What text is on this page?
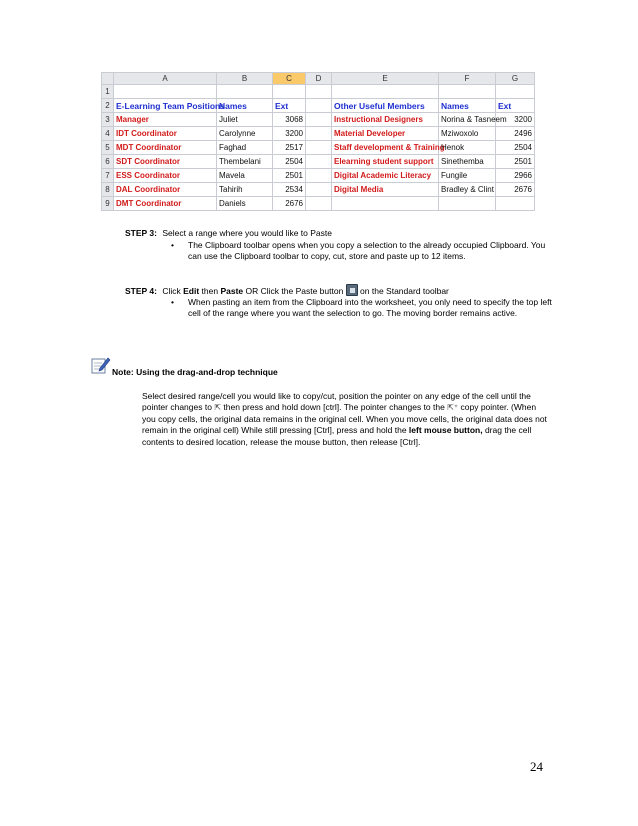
	A	B	C	D	E	F	G
1							
2	E-Learning Team Positions	Names	Ext		Other Useful Members	Names	Ext
3	Manager	Juliet	3068		Instructional Designers	Norina & Tasneem	3200
4	IDT Coordinator	Carolynne	3200		Material Developer	Mziwoxolo	2496
5	MDT Coordinator	Faghad	2517		Staff development & Training	Henok	2504
6	SDT Coordinator	Thembelani	2504		Elearning student support	Sinethemba	2501
7	ESS Coordinator	Mavela	2501		Digital Academic Literacy	Fungile	2966
8	DAL Coordinator	Tahirih	2534		Digital Media	Bradley & Clint	2676
9	DMT Coordinator	Daniels	2676				
STEP 3: Select a range where you would like to Paste
• The Clipboard toolbar opens when you copy a selection to the already occupied Clipboard. You can use the Clipboard toolbar to copy, cut, store and paste up to 12 items.
STEP 4: Click Edit then Paste OR Click the Paste button  on the Standard toolbar
• When pasting an item from the Clipboard into the worksheet, you only need to specify the top left cell of the range where you want the selection to go. The moving border remains active.
Note: Using the drag-and-drop technique
Select desired range/cell you would like to copy/cut, position the pointer on any edge of the cell until the pointer changes to ⇱ then press and hold down [ctrl]. The pointer changes to the ⇱⁺ copy pointer. (When you copy cells, the original data remains in the original cell. When you move cells, the original data does not remain in the original cell) While still pressing [Ctrl], press and hold the left mouse button, drag the cell contents to desired location, release the mouse button, then release [Ctrl].
24
